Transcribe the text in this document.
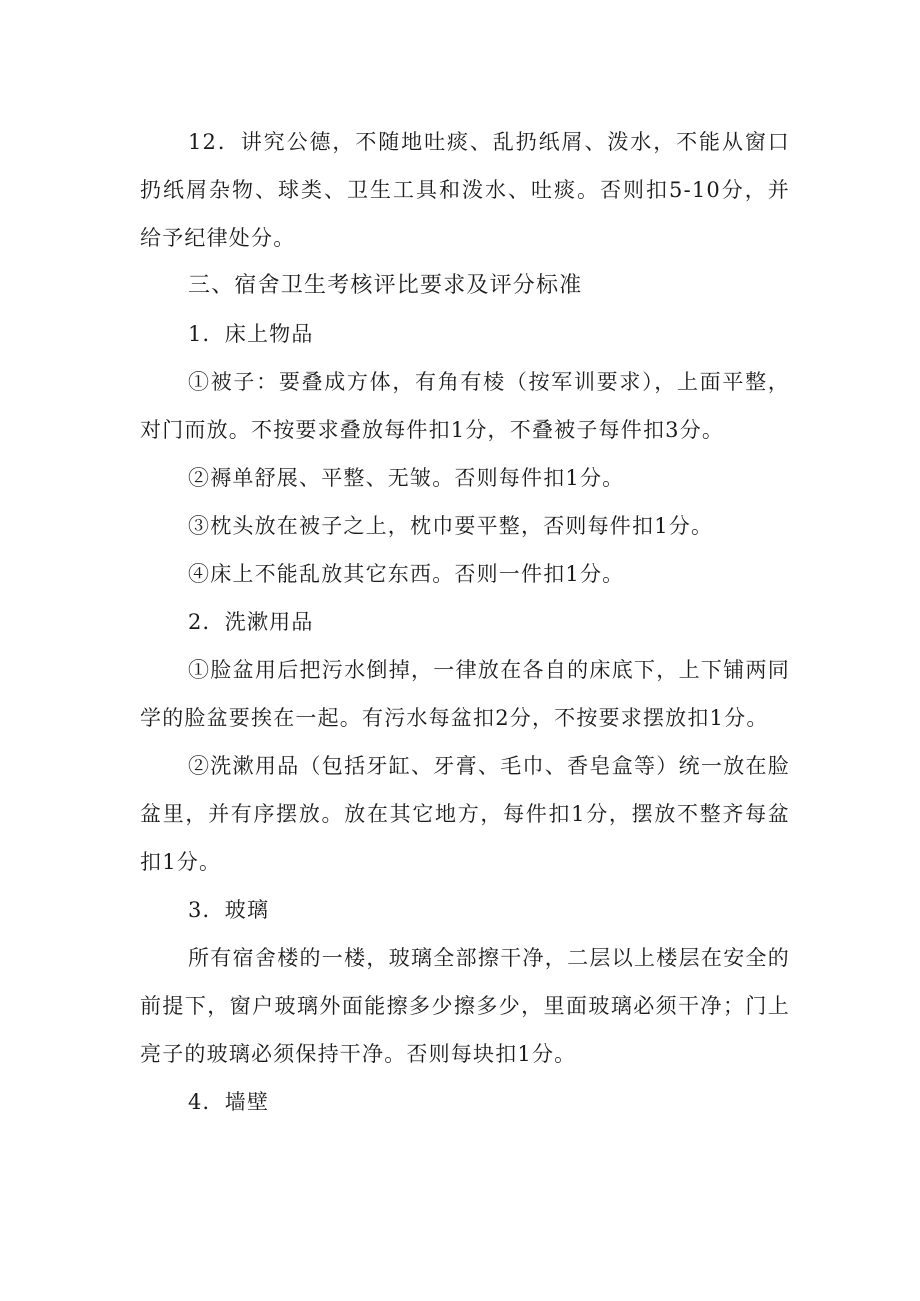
12．讲究公德，不随地吐痰、乱扔纸屑、泼水，不能从窗口扔纸屑杂物、球类、卫生工具和泼水、吐痰。否则扣5-10分，并给予纪律处分。

三、宿舍卫生考核评比要求及评分标准

1．床上物品

①被子：要叠成方体，有角有棱（按军训要求），上面平整，对门而放。不按要求叠放每件扣1分，不叠被子每件扣3分。

②褥单舒展、平整、无皱。否则每件扣1分。

③枕头放在被子之上，枕巾要平整，否则每件扣1分。

④床上不能乱放其它东西。否则一件扣1分。

2．洗漱用品

①脸盆用后把污水倒掉，一律放在各自的床底下，上下铺两同学的脸盆要挨在一起。有污水每盆扣2分，不按要求摆放扣1分。

②洗漱用品（包括牙缸、牙膏、毛巾、香皂盒等）统一放在脸盆里，并有序摆放。放在其它地方，每件扣1分，摆放不整齐每盆扣1分。

3．玻璃

所有宿舍楼的一楼，玻璃全部擦干净，二层以上楼层在安全的前提下，窗户玻璃外面能擦多少擦多少，里面玻璃必须干净；门上亮子的玻璃必须保持干净。否则每块扣1分。

4．墙壁
